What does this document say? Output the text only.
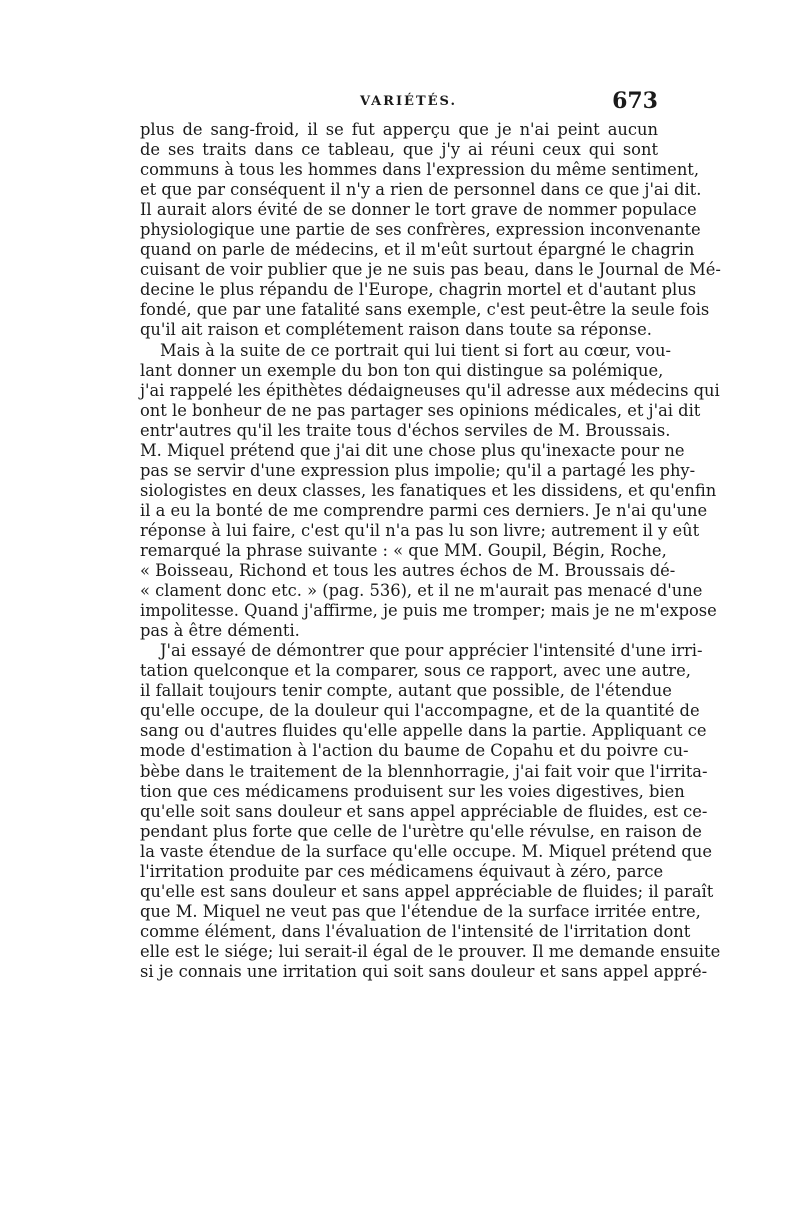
VARIÉTÉS.	673
plus de sang-froid, il se fut apperçu que je n'ai peint aucun
de ses traits dans ce tableau, que j'y ai réuni ceux qui sont
communs à tous les hommes dans l'expression du même sentiment,
et que par conséquent il n'y a rien de personnel dans ce que j'ai dit.
Il aurait alors évité de se donner le tort grave de nommer populace
physiologique une partie de ses confrères, expression inconvenante
quand on parle de médecins, et il m'eût surtout épargné le chagrin
cuisant de voir publier que je ne suis pas beau, dans le Journal de Mé-
decine le plus répandu de l'Europe, chagrin mortel et d'autant plus
fondé, que par une fatalité sans exemple, c'est peut-être la seule fois
qu'il ait raison et complétement raison dans toute sa réponse.
Mais à la suite de ce portrait qui lui tient si fort au cœur, vou-
lant donner un exemple du bon ton qui distingue sa polémique,
j'ai rappelé les épithètes dédaigneuses qu'il adresse aux médecins qui
ont le bonheur de ne pas partager ses opinions médicales, et j'ai dit
entr'autres qu'il les traite tous d'échos serviles de M. Broussais.
M. Miquel prétend que j'ai dit une chose plus qu'inexacte pour ne
pas se servir d'une expression plus impolie; qu'il a partagé les phy-
siologistes en deux classes, les fanatiques et les dissidens, et qu'enfin
il a eu la bonté de me comprendre parmi ces derniers. Je n'ai qu'une
réponse à lui faire, c'est qu'il n'a pas lu son livre; autrement il y eût
remarqué la phrase suivante : « que MM. Goupil, Bégin, Roche,
« Boisseau, Richond et tous les autres échos de M. Broussais dé-
« clament donc etc. » (pag. 536), et il ne m'aurait pas menacé d'une
impolitesse. Quand j'affirme, je puis me tromper; mais je ne m'expose
pas à être démenti.
J'ai essayé de démontrer que pour apprécier l'intensité d'une irri-
tation quelconque et la comparer, sous ce rapport, avec une autre,
il fallait toujours tenir compte, autant que possible, de l'étendue
qu'elle occupe, de la douleur qui l'accompagne, et de la quantité de
sang ou d'autres fluides qu'elle appelle dans la partie. Appliquant ce
mode d'estimation à l'action du baume de Copahu et du poivre cu-
bèbe dans le traitement de la blennhorragie, j'ai fait voir que l'irrita-
tion que ces médicamens produisent sur les voies digestives, bien
qu'elle soit sans douleur et sans appel appréciable de fluides, est ce-
pendant plus forte que celle de l'urètre qu'elle révulse, en raison de
la vaste étendue de la surface qu'elle occupe. M. Miquel prétend que
l'irritation produite par ces médicamens équivaut à zéro, parce
qu'elle est sans douleur et sans appel appréciable de fluides; il paraît
que M. Miquel ne veut pas que l'étendue de la surface irritée entre,
comme élément, dans l'évaluation de l'intensité de l'irritation dont
elle est le siége; lui serait-il égal de le prouver. Il me demande ensuite
si je connais une irritation qui soit sans douleur et sans appel appré-
